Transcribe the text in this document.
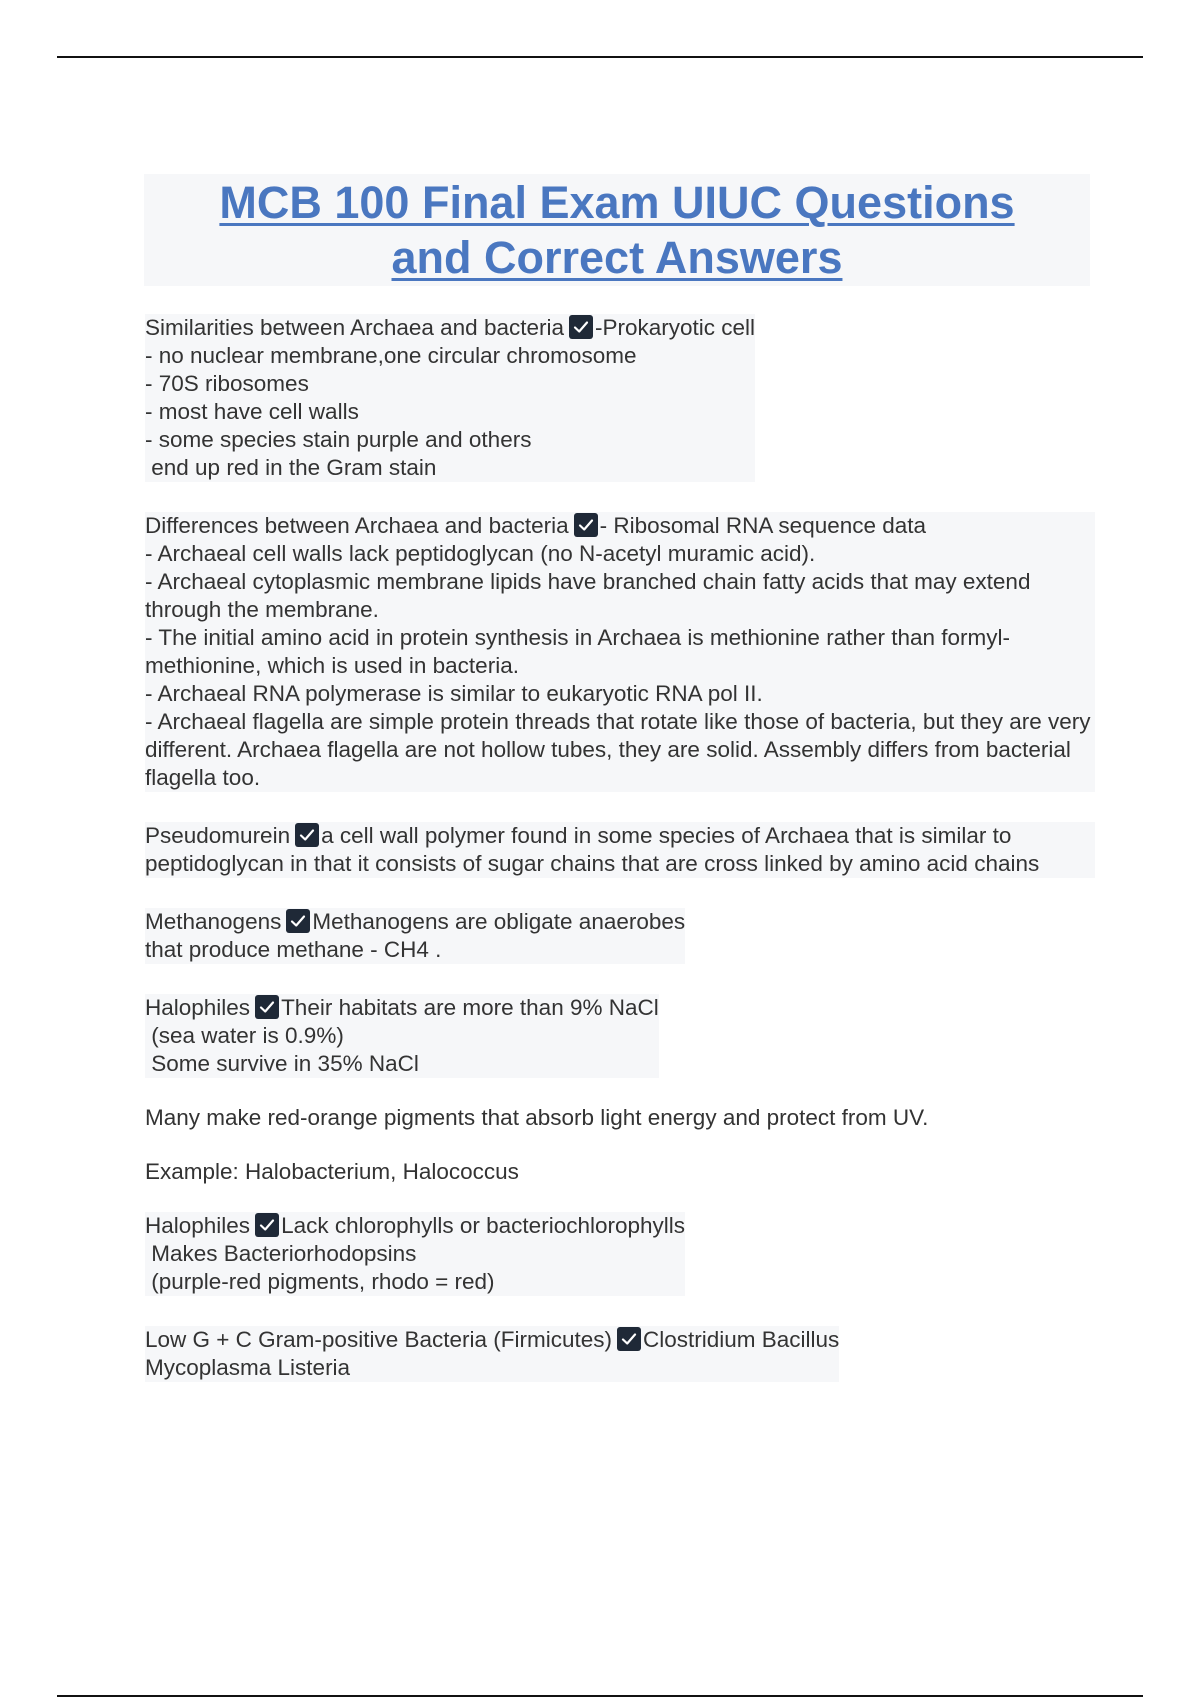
MCB 100 Final Exam UIUC Questions
and Correct Answers
Similarities between Archaea and bacteria -Prokaryotic cell
- no nuclear membrane,one circular chromosome
- 70S ribosomes
- most have cell walls
- some species stain purple and others
end up red in the Gram stain
Differences between Archaea and bacteria - Ribosomal RNA sequence data
- Archaeal cell walls lack peptidoglycan (no N-acetyl muramic acid).
- Archaeal cytoplasmic membrane lipids have branched chain fatty acids that may extend through the membrane.
- The initial amino acid in protein synthesis in Archaea is methionine rather than formyl-methionine, which is used in bacteria.
- Archaeal RNA polymerase is similar to eukaryotic RNA pol II.
- Archaeal flagella are simple protein threads that rotate like those of bacteria, but they are very different. Archaea flagella are not hollow tubes, they are solid. Assembly differs from bacterial flagella too.
Pseudomurein a cell wall polymer found in some species of Archaea that is similar to peptidoglycan in that it consists of sugar chains that are cross linked by amino acid chains
Methanogens Methanogens are obligate anaerobes
that produce methane - CH4 .
Halophiles Their habitats are more than 9% NaCl
(sea water is 0.9%)
Some survive in 35% NaCl
Many make red-orange pigments that absorb light energy and protect from UV.
Example: Halobacterium, Halococcus
Halophiles Lack chlorophylls or bacteriochlorophylls
Makes Bacteriorhodopsins
(purple-red pigments, rhodo = red)
Low G + C Gram-positive Bacteria (Firmicutes) Clostridium Bacillus
Mycoplasma Listeria
